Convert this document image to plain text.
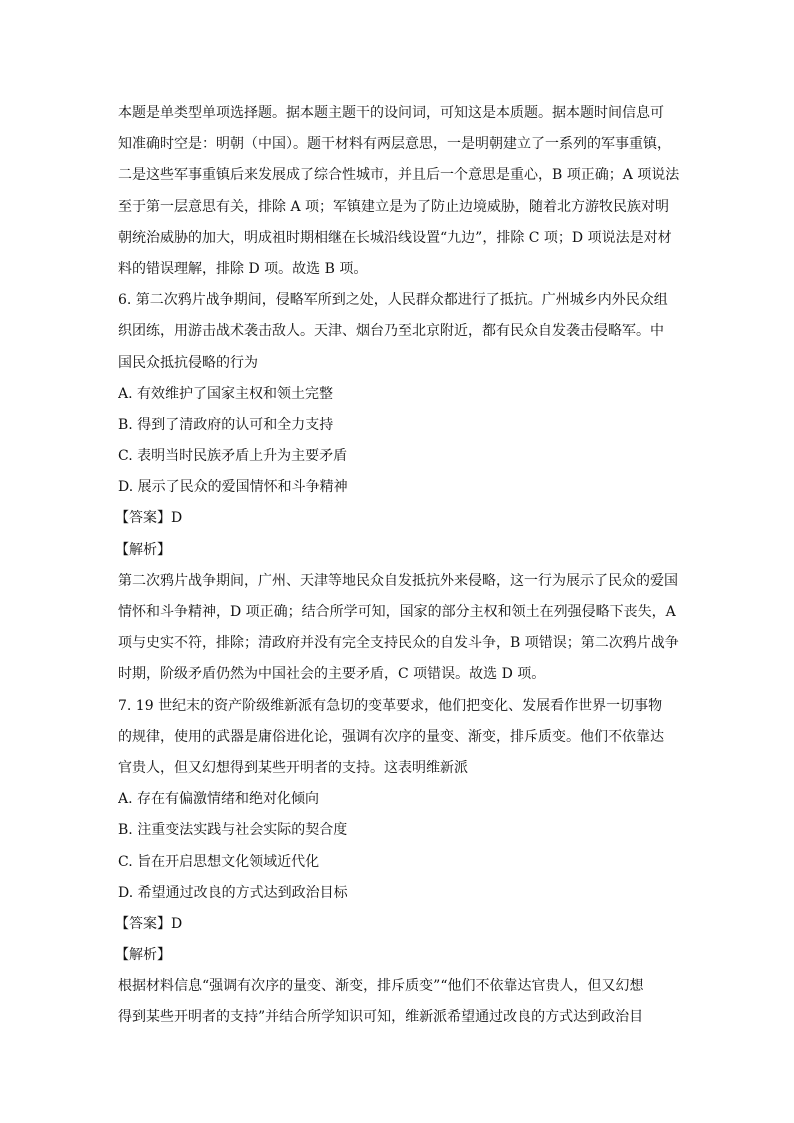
本题是单类型单项选择题。据本题主题干的设问词，可知这是本质题。据本题时间信息可
知准确时空是：明朝（中国）。题干材料有两层意思，一是明朝建立了一系列的军事重镇，
二是这些军事重镇后来发展成了综合性城市，并且后一个意思是重心，B 项正确；A 项说法
至于第一层意思有关，排除 A 项；军镇建立是为了防止边境威胁，随着北方游牧民族对明
朝统治威胁的加大，明成祖时期相继在长城沿线设置“九边”，排除 C 项；D 项说法是对材
料的错误理解，排除 D 项。故选 B 项。
6. 第二次鸦片战争期间，侵略军所到之处，人民群众都进行了抵抗。广州城乡内外民众组
织团练，用游击战术袭击敌人。天津、烟台乃至北京附近，都有民众自发袭击侵略军。中
国民众抵抗侵略的行为
A. 有效维护了国家主权和领土完整
B. 得到了清政府的认可和全力支持
C. 表明当时民族矛盾上升为主要矛盾
D. 展示了民众的爱国情怀和斗争精神
【答案】D
【解析】
第二次鸦片战争期间，广州、天津等地民众自发抵抗外来侵略，这一行为展示了民众的爱国
情怀和斗争精神，D 项正确；结合所学可知，国家的部分主权和领土在列强侵略下丧失，A
项与史实不符，排除；清政府并没有完全支持民众的自发斗争，B 项错误；第二次鸦片战争
时期，阶级矛盾仍然为中国社会的主要矛盾，C 项错误。故选 D 项。
7. 19 世纪末的资产阶级维新派有急切的变革要求，他们把变化、发展看作世界一切事物
的规律，使用的武器是庸俗进化论，强调有次序的量变、渐变，排斥质变。他们不依靠达
官贵人，但又幻想得到某些开明者的支持。这表明维新派
A. 存在有偏激情绪和绝对化倾向
B. 注重变法实践与社会实际的契合度
C. 旨在开启思想文化领域近代化
D. 希望通过改良的方式达到政治目标
【答案】D
【解析】
根据材料信息“强调有次序的量变、渐变，排斥质变”“他们不依靠达官贵人，但又幻想
得到某些开明者的支持”并结合所学知识可知，维新派希望通过改良的方式达到政治目
